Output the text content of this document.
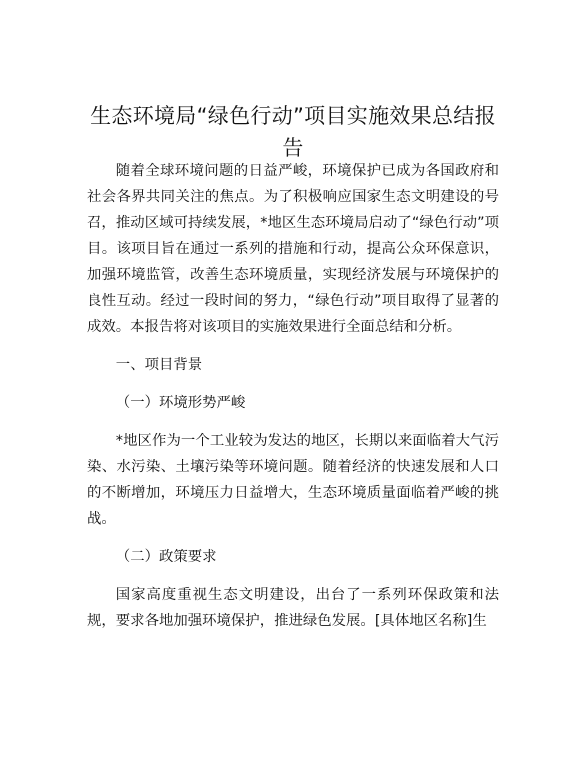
生态环境局“绿色行动”项目实施效果总结报告

随着全球环境问题的日益严峻，环境保护已成为各国政府和社会各界共同关注的焦点。为了积极响应国家生态文明建设的号召，推动区域可持续发展，*地区生态环境局启动了“绿色行动”项目。该项目旨在通过一系列的措施和行动，提高公众环保意识，加强环境监管，改善生态环境质量，实现经济发展与环境保护的良性互动。经过一段时间的努力，“绿色行动”项目取得了显著的成效。本报告将对该项目的实施效果进行全面总结和分析。

一、项目背景

（一）环境形势严峻

*地区作为一个工业较为发达的地区，长期以来面临着大气污染、水污染、土壤污染等环境问题。随着经济的快速发展和人口的不断增加，环境压力日益增大，生态环境质量面临着严峻的挑战。

（二）政策要求

国家高度重视生态文明建设，出台了一系列环保政策和法规，要求各地加强环境保护，推进绿色发展。[具体地区名称]生
